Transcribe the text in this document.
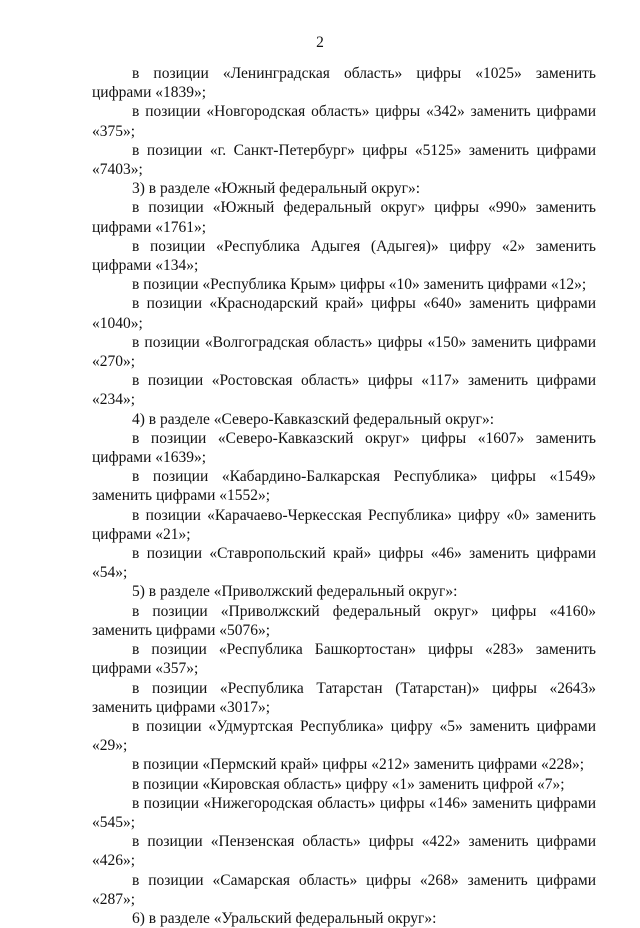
2

в позиции «Ленинградская область» цифры «1025» заменить цифрами «1839»;

в позиции «Новгородская область» цифры «342» заменить цифрами «375»;

в позиции «г. Санкт-Петербург» цифры «5125» заменить цифрами «7403»;

3) в разделе «Южный федеральный округ»:

в позиции «Южный федеральный округ» цифры «990» заменить цифрами «1761»;

в позиции «Республика Адыгея (Адыгея)» цифру «2» заменить цифрами «134»;

в позиции «Республика Крым» цифры «10» заменить цифрами «12»;

в позиции «Краснодарский край» цифры «640» заменить цифрами «1040»;

в позиции «Волгоградская область» цифры «150» заменить цифрами «270»;

в позиции «Ростовская область» цифры «117» заменить цифрами «234»;

4) в разделе «Северо-Кавказский федеральный округ»:

в позиции «Северо-Кавказский округ» цифры «1607» заменить цифрами «1639»;

в позиции «Кабардино-Балкарская Республика» цифры «1549» заменить цифрами «1552»;

в позиции «Карачаево-Черкесская Республика» цифру «0» заменить цифрами «21»;

в позиции «Ставропольский край» цифры «46» заменить цифрами «54»;

5) в разделе «Приволжский федеральный округ»:

в позиции «Приволжский федеральный округ» цифры «4160» заменить цифрами «5076»;

в позиции «Республика Башкортостан» цифры «283» заменить цифрами «357»;

в позиции «Республика Татарстан (Татарстан)» цифры «2643» заменить цифрами «3017»;

в позиции «Удмуртская Республика» цифру «5» заменить цифрами «29»;

в позиции «Пермский край» цифры «212» заменить цифрами «228»;

в позиции «Кировская область» цифру «1» заменить цифрой «7»;

в позиции «Нижегородская область» цифры «146» заменить цифрами «545»;

в позиции «Пензенская область» цифры «422» заменить цифрами «426»;

в позиции «Самарская область» цифры «268» заменить цифрами «287»;

6) в разделе «Уральский федеральный округ»:
